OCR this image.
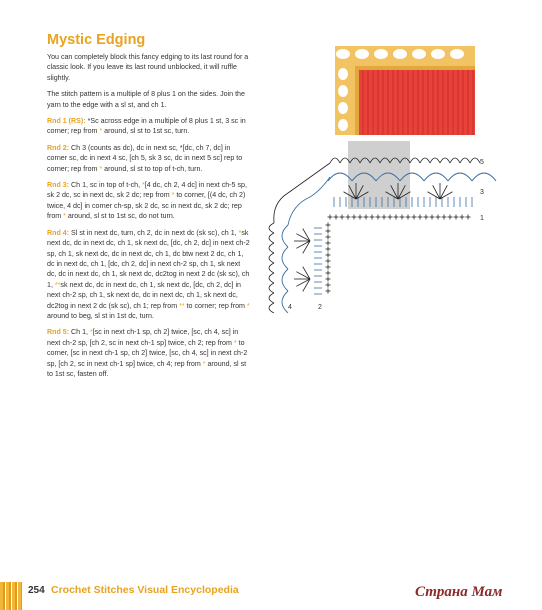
Mystic Edging

You can completely block this fancy edging to its last round for a classic look. If you leave its last round unblocked, it will ruffle slightly.

The stitch pattern is a multiple of 8 plus 1 on the sides. Join the yarn to the edge with a sl st, and ch 1.

Rnd 1 (RS): *Sc across edge in a multiple of 8 plus 1 st, 3 sc in corner; rep from * around, sl st to 1st sc, turn.

Rnd 2: Ch 3 (counts as dc), dc in next sc, *[dc, ch 7, dc] in corner sc, dc in next 4 sc, [ch 5, sk 3 sc, dc in next 5 sc] rep to corner; rep from * around, sl st to top of t-ch, turn.

Rnd 3: Ch 1, sc in top of t-ch, *[4 dc, ch 2, 4 dc] in next ch-5 sp, sk 2 dc, sc in next dc, sk 2 dc; rep from * to corner, [(4 dc, ch 2) twice, 4 dc] in corner ch-sp, sk 2 dc, sc in next dc, sk 2 dc; rep from * around, sl st to 1st sc, do not turn.

Rnd 4: Sl st in next dc, turn, ch 2, dc in next dc (sk sc), ch 1, *sk next dc, dc in next dc, ch 1, sk next dc, [dc, ch 2, dc] in next ch-2 sp, ch 1, sk next dc, dc in next dc, ch 1, dc btw next 2 dc, ch 1, dc in next dc, ch 1, [dc, ch 2, dc] in next ch-2 sp, ch 1, sk next dc, dc in next dc, ch 1, sk next dc, dc2tog in next 2 dc (sk sc), ch 1, **sk next dc, dc in next dc, ch 1, sk next dc, [dc, ch 2, dc] in next ch-2 sp, ch 1, sk next dc, dc in next dc, ch 1, sk next dc, dc2tog in next 2 dc (sk sc), ch 1; rep from ** to corner; rep from * around to beg, sl st in 1st dc, turn.

Rnd 5: Ch 1, *[sc in next ch-1 sp, ch 2] twice, [sc, ch 4, sc] in next ch-2 sp, [ch 2, sc in next ch-1 sp] twice, ch 2; rep from * to corner, [sc in next ch-1 sp, ch 2] twice, [sc, ch 4, sc] in next ch-2 sp, [ch 2, sc in next ch-1 sp] twice, ch 4; rep from * around, sl st to 1st sc, fasten off.

5
3
1
4	2
254 Crochet Stitches Visual Encyclopedia	Страна Мам
